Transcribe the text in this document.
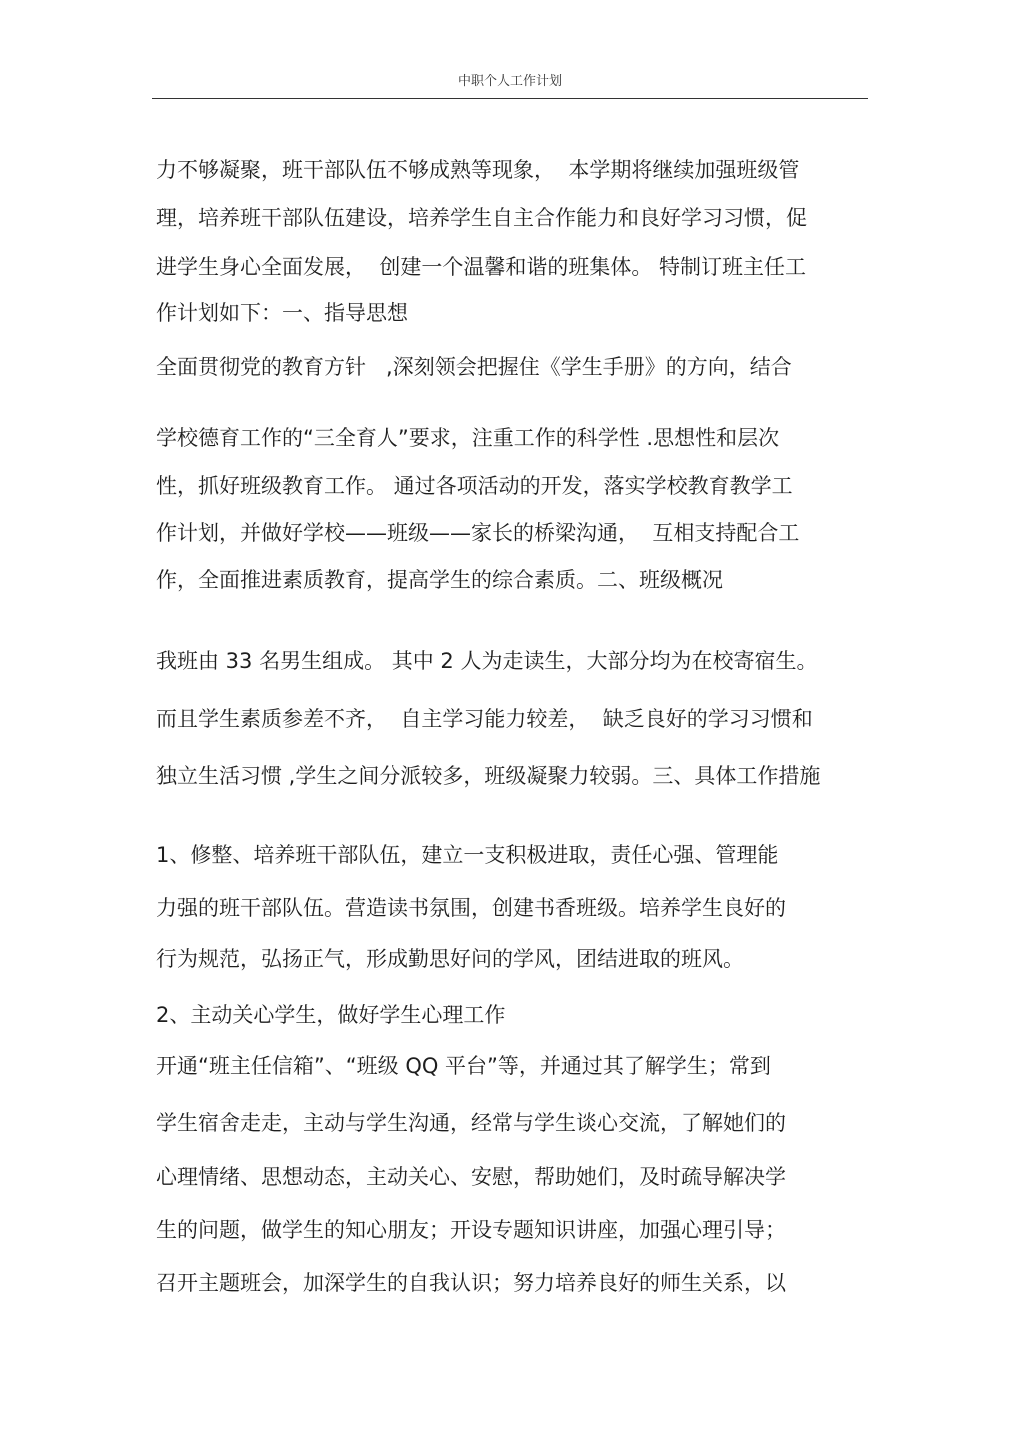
中职个人工作计划
力不够凝聚，班干部队伍不够成熟等现象，  本学期将继续加强班级管
理，培养班干部队伍建设，培养学生自主合作能力和良好学习习惯，促
进学生身心全面发展，  创建一个温馨和谐的班集体。 特制订班主任工
作计划如下：一、指导思想
全面贯彻党的教育方针   ,深刻领会把握住《学生手册》的方向，结合
学校德育工作的“三全育人”要求，注重工作的科学性 .思想性和层次
性，抓好班级教育工作。 通过各项活动的开发，落实学校教育教学工
作计划，并做好学校——班级——家长的桥梁沟通，  互相支持配合工
作，全面推进素质教育，提高学生的综合素质。二、班级概况
我班由 33 名男生组成。 其中 2 人为走读生，大部分均为在校寄宿生。
而且学生素质参差不齐，  自主学习能力较差，  缺乏良好的学习习惯和
独立生活习惯 ,学生之间分派较多，班级凝聚力较弱。三、具体工作措施
1、修整、培养班干部队伍，建立一支积极进取，责任心强、管理能
力强的班干部队伍。营造读书氛围，创建书香班级。培养学生良好的
行为规范，弘扬正气，形成勤思好问的学风，团结进取的班风。
2、主动关心学生，做好学生心理工作
开通“班主任信箱”、“班级 QQ 平台”等，并通过其了解学生；常到
学生宿舍走走，主动与学生沟通，经常与学生谈心交流，了解她们的
心理情绪、思想动态，主动关心、安慰，帮助她们，及时疏导解决学
生的问题，做学生的知心朋友；开设专题知识讲座，加强心理引导；
召开主题班会，加深学生的自我认识；努力培养良好的师生关系，以
